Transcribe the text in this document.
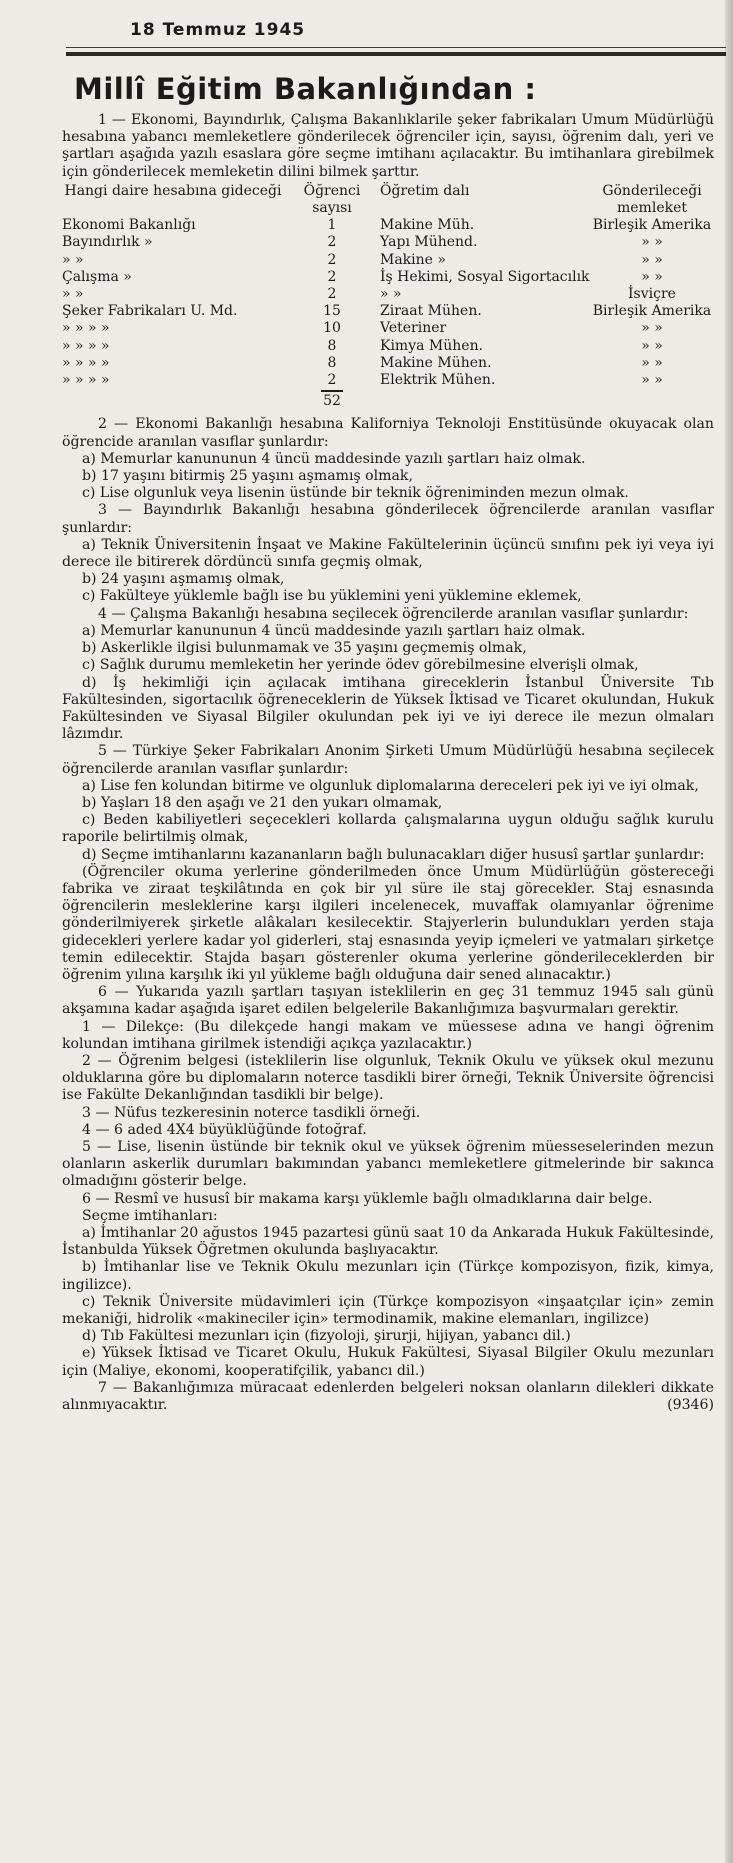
18 Temmuz 1945
Millî Eğitim Bakanlığından :

1 — Ekonomi, Bayındırlık, Çalışma Bakanlıklarile şeker fabrikaları Umum Müdürlüğü hesabına yabancı memleketlere gönderilecek öğrenciler için, sayısı, öğrenim dalı, yeri ve şartları aşağıda yazılı esaslara göre seçme imtihanı açılacaktır. Bu imtihanlara girebilmek için gönderilecek memleketin dilini bilmek şarttır.

Hangi daire hesabına gideceği	Öğrenci sayısı	Öğretim dalı	Gönderileceği memleket
Ekonomi Bakanlığı	1	Makine Müh.	Birleşik Amerika
Bayındırlık »	2	Yapı Mühend.	» »
» »	2	Makine »	» »
Çalışma »	2	İş Hekimi, Sosyal Sigortacılık	» »
» »	2	» »	İsviçre
Şeker Fabrikaları U. Md.	15	Ziraat Mühen.	Birleşik Amerika
» » » »	10	Veteriner	» »
» » » »	8	Kimya Mühen.	» »
» » » »	8	Makine Mühen.	» »
» » » »	2	Elektrik Mühen.	» »

52		

2 — Ekonomi Bakanlığı hesabına Kaliforniya Teknoloji Enstitüsünde okuyacak olan öğrencide aranılan vasıflar şunlardır:

a) Memurlar kanununun 4 üncü maddesinde yazılı şartları haiz olmak.

b) 17 yaşını bitirmiş 25 yaşını aşmamış olmak,

c) Lise olgunluk veya lisenin üstünde bir teknik öğreniminden mezun olmak.

3 — Bayındırlık Bakanlığı hesabına gönderilecek öğrencilerde aranılan vasıflar şunlardır:

a) Teknik Üniversitenin İnşaat ve Makine Fakültelerinin üçüncü sınıfını pek iyi veya iyi derece ile bitirerek dördüncü sınıfa geçmiş olmak,

b) 24 yaşını aşmamış olmak,

c) Fakülteye yüklemle bağlı ise bu yüklemini yeni yüklemine eklemek,

4 — Çalışma Bakanlığı hesabına seçilecek öğrencilerde aranılan vasıflar şunlardır:

a) Memurlar kanununun 4 üncü maddesinde yazılı şartları haiz olmak.

b) Askerlikle ilgisi bulunmamak ve 35 yaşını geçmemiş olmak,

c) Sağlık durumu memleketin her yerinde ödev görebilmesine elverişli olmak,

d) İş hekimliği için açılacak imtihana gireceklerin İstanbul Üniversite Tıb Fakültesinden, sigortacılık öğreneceklerin de Yüksek İktisad ve Ticaret okulundan, Hukuk Fakültesinden ve Siyasal Bilgiler okulundan pek iyi ve iyi derece ile mezun olmaları lâzımdır.

5 — Türkiye Şeker Fabrikaları Anonim Şirketi Umum Müdürlüğü hesabına seçilecek öğrencilerde aranılan vasıflar şunlardır:

a) Lise fen kolundan bitirme ve olgunluk diplomalarına dereceleri pek iyi ve iyi olmak,

b) Yaşları 18 den aşağı ve 21 den yukarı olmamak,

c) Beden kabiliyetleri seçecekleri kollarda çalışmalarına uygun olduğu sağlık kurulu raporile belirtilmiş olmak,

d) Seçme imtihanlarını kazananların bağlı bulunacakları diğer hususî şartlar şunlardır:

(Öğrenciler okuma yerlerine gönderilmeden önce Umum Müdürlüğün göstereceği fabrika ve ziraat teşkilâtında en çok bir yıl süre ile staj görecekler. Staj esnasında öğrencilerin mesleklerine karşı ilgileri incelenecek, muvaffak olamıyanlar öğrenime gönderilmiyerek şirketle alâkaları kesilecektir. Stajyerlerin bulundukları yerden staja gidecekleri yerlere kadar yol giderleri, staj esnasında yeyip içmeleri ve yatmaları şirketçe temin edilecektir. Stajda başarı gösterenler okuma yerlerine gönderileceklerden bir öğrenim yılına karşılık iki yıl yükleme bağlı olduğuna dair sened alınacaktır.)

6 — Yukarıda yazılı şartları taşıyan isteklilerin en geç 31 temmuz 1945 salı günü akşamına kadar aşağıda işaret edilen belgelerile Bakanlığımıza başvurmaları gerektir.

1 — Dilekçe: (Bu dilekçede hangi makam ve müessese adına ve hangi öğrenim kolundan imtihana girilmek istendiği açıkça yazılacaktır.)

2 — Öğrenim belgesi (isteklilerin lise olgunluk, Teknik Okulu ve yüksek okul mezunu olduklarına göre bu diplomaların noterce tasdikli birer örneği, Teknik Üniversite öğrencisi ise Fakülte Dekanlığından tasdikli bir belge).

3 — Nüfus tezkeresinin noterce tasdikli örneği.

4 — 6 aded 4X4 büyüklüğünde fotoğraf.

5 — Lise, lisenin üstünde bir teknik okul ve yüksek öğrenim müesseselerinden mezun olanların askerlik durumları bakımından yabancı memleketlere gitmelerinde bir sakınca olmadığını gösterir belge.

6 — Resmî ve hususî bir makama karşı yüklemle bağlı olmadıklarına dair belge.

Seçme imtihanları:

a) İmtihanlar 20 ağustos 1945 pazartesi günü saat 10 da Ankarada Hukuk Fakültesinde, İstanbulda Yüksek Öğretmen okulunda başlıyacaktır.

b) İmtihanlar lise ve Teknik Okulu mezunları için (Türkçe kompozisyon, fizik, kimya, ingilizce).

c) Teknik Üniversite müdavimleri için (Türkçe kompozisyon «inşaatçılar için» zemin mekaniği, hidrolik «makineciler için» termodinamik, makine elemanları, ingilizce)

d) Tıb Fakültesi mezunları için (fizyoloji, şirurji, hijiyan, yabancı dil.)

e) Yüksek İktisad ve Ticaret Okulu, Hukuk Fakültesi, Siyasal Bilgiler Okulu mezunları için (Maliye, ekonomi, kooperatifçilik, yabancı dil.)

7 — Bakanlığımıza müracaat edenlerden belgeleri noksan olanların dilekleri dikkate alınmıyacaktır.	(9346)
